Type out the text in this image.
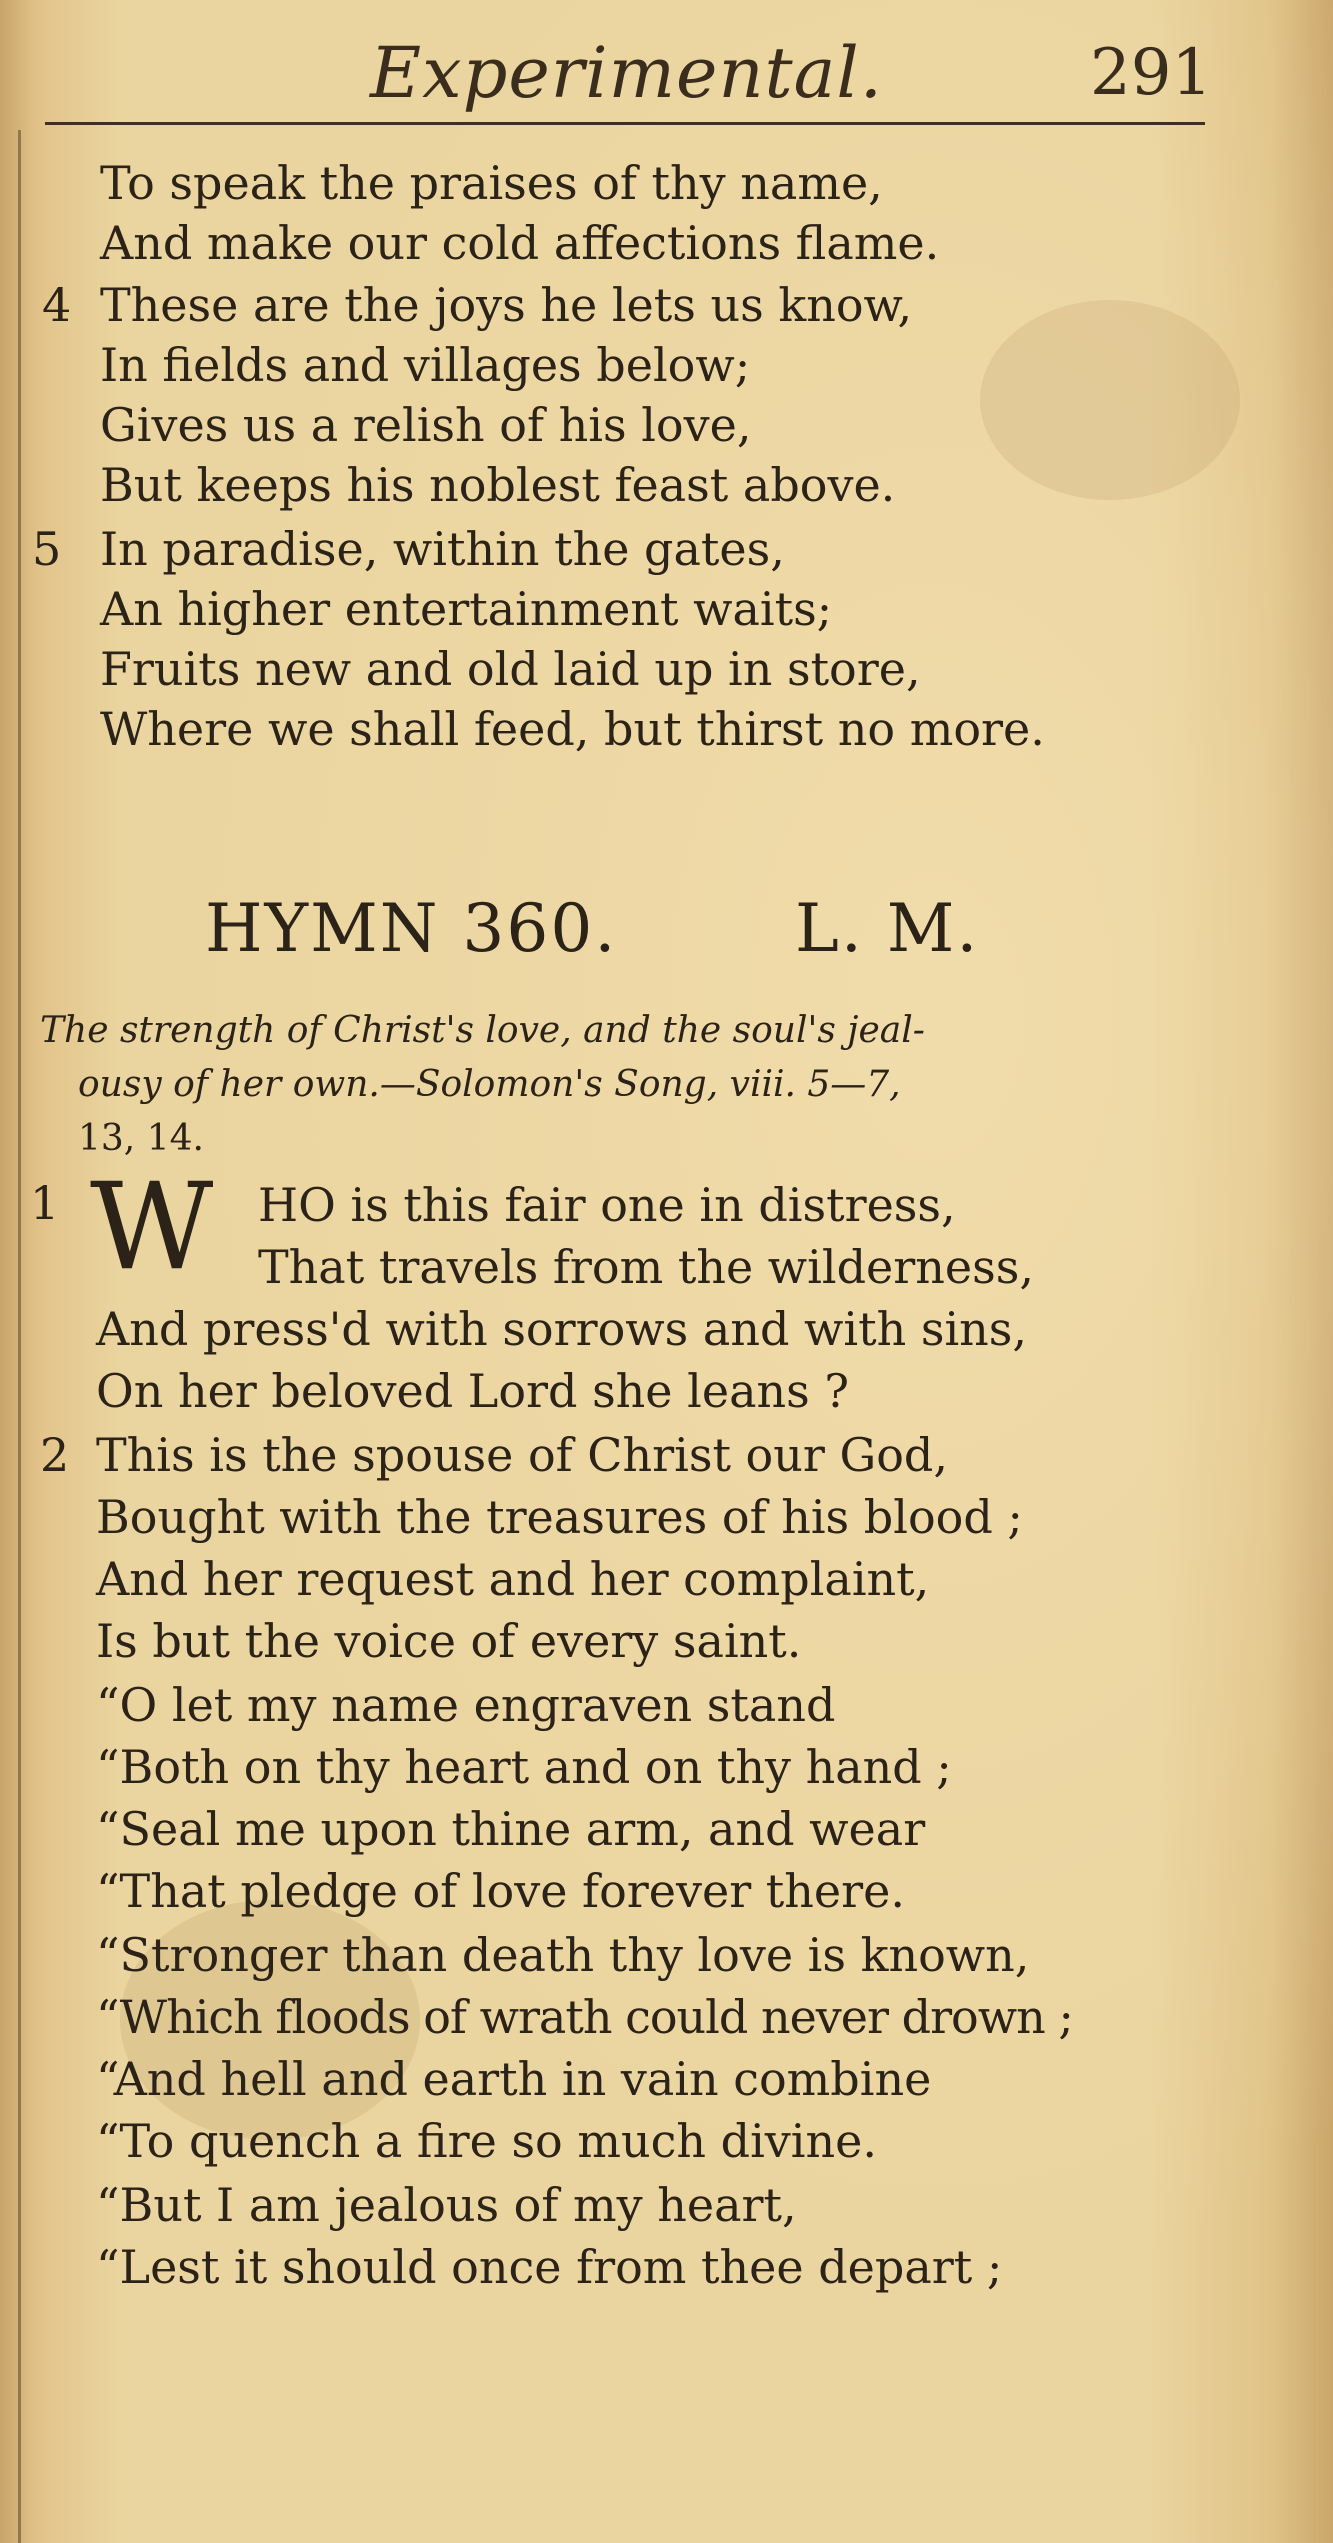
Experimental.	291
To speak the praises of thy name,
And make our cold affections flame.
4 These are the joys he lets us know,
In fields and villages below;
Gives us a relish of his love,
But keeps his noblest feast above.
5 In paradise, within the gates,
An higher entertainment waits;
Fruits new and old laid up in store,
Where we shall feed, but thirst no more.
HYMN 360.	L. M.
The strength of Christ's love, and the soul's jeal-
ousy of her own.—Solomon's Song, viii. 5—7,
13, 14.
1 W HO is this fair one in distress,
That travels from the wilderness,
And press'd with sorrows and with sins,
On her beloved Lord she leans ?
2 This is the spouse of Christ our God,
Bought with the treasures of his blood ;
And her request and her complaint,
Is but the voice of every saint.
“O let my name engraven stand
“Both on thy heart and on thy hand ;
“Seal me upon thine arm, and wear
“That pledge of love forever there.
“Stronger than death thy love is known,
“Which floods of wrath could never drown ;
“And hell and earth in vain combine
“To quench a fire so much divine.
“But I am jealous of my heart,
“Lest it should once from thee depart ;
